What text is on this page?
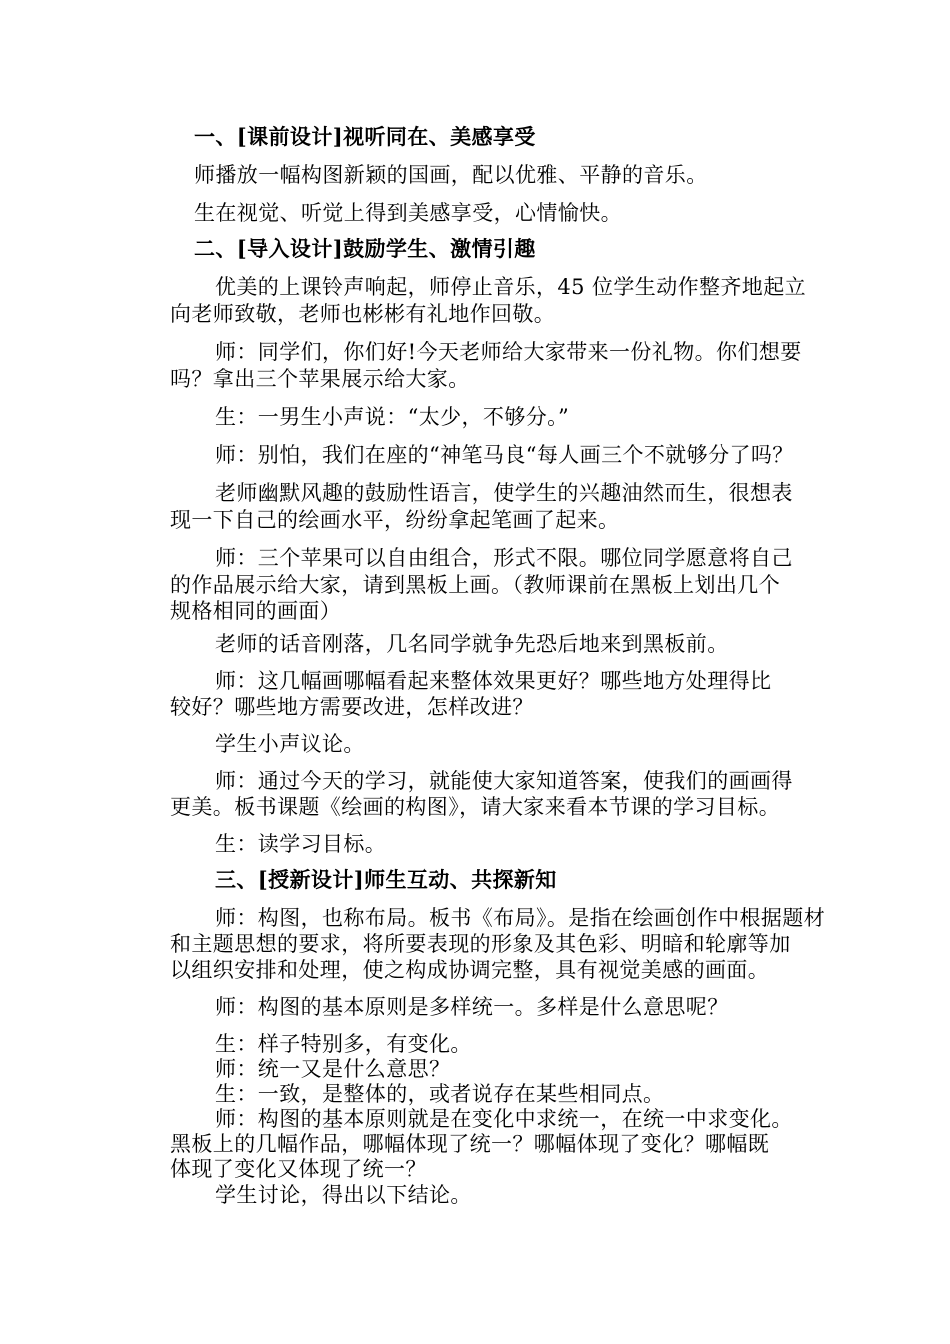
一、[课前设计]视听同在、美感享受
师播放一幅构图新颖的国画，配以优雅、平静的音乐。
生在视觉、听觉上得到美感享受，心情愉快。
二、[导入设计]鼓励学生、激情引趣
优美的上课铃声响起，师停止音乐，45 位学生动作整齐地起立
向老师致敬，老师也彬彬有礼地作回敬。
师：同学们，你们好!今天老师给大家带来一份礼物。你们想要
吗？拿出三个苹果展示给大家。
生：一男生小声说：“太少，不够分。”
师：别怕，我们在座的“神笔马良“每人画三个不就够分了吗？
老师幽默风趣的鼓励性语言，使学生的兴趣油然而生，很想表
现一下自己的绘画水平，纷纷拿起笔画了起来。
师：三个苹果可以自由组合，形式不限。哪位同学愿意将自己
的作品展示给大家，请到黑板上画。（教师课前在黑板上划出几个
规格相同的画面）
老师的话音刚落，几名同学就争先恐后地来到黑板前。
师：这几幅画哪幅看起来整体效果更好？哪些地方处理得比
较好？哪些地方需要改进，怎样改进？
学生小声议论。
师：通过今天的学习，就能使大家知道答案，使我们的画画得
更美。板书课题《绘画的构图》，请大家来看本节课的学习目标。
生：读学习目标。
三、[授新设计]师生互动、共探新知
师：构图，也称布局。板书《布局》。是指在绘画创作中根据题材
和主题思想的要求，将所要表现的形象及其色彩、明暗和轮廓等加
以组织安排和处理，使之构成协调完整，具有视觉美感的画面。
师：构图的基本原则是多样统一。多样是什么意思呢？
生：样子特别多，有变化。
师：统一又是什么意思？
生：一致，是整体的，或者说存在某些相同点。
师：构图的基本原则就是在变化中求统一，在统一中求变化。
黑板上的几幅作品，哪幅体现了统一？哪幅体现了变化？哪幅既
体现了变化又体现了统一？
学生讨论，得出以下结论。
